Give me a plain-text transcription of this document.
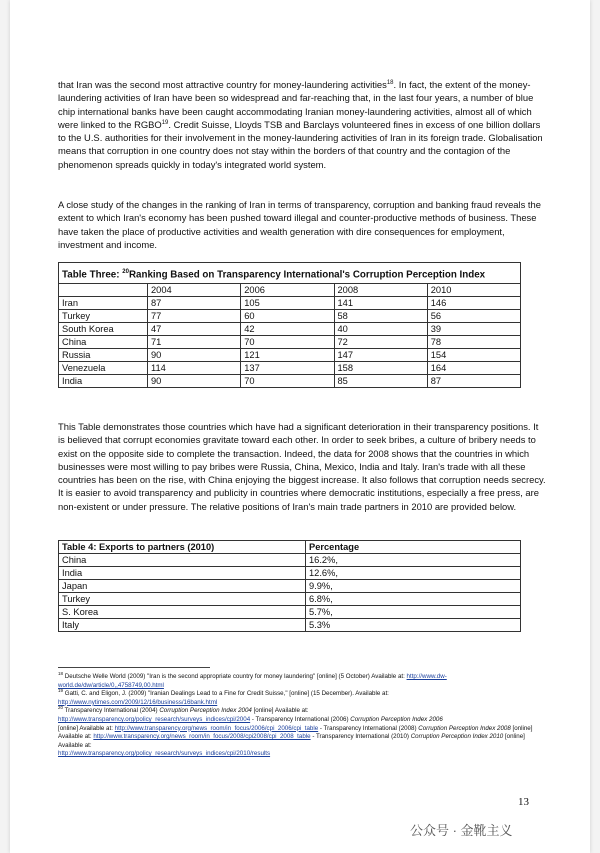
that Iran was the second most attractive country for money-laundering activities$^{18}$. In fact, the extent of the money-laundering activities of Iran have been so widespread and far-reaching that, in the last four years, a number of blue chip international banks have been caught accommodating Iranian money-laundering activities, almost all of which were linked to the RGBO$^{19}$. Credit Suisse, Lloyds TSB and Barclays volunteered fines in excess of one billion dollars to the U.S. authorities for their involvement in the money-laundering activities of Iran in its foreign trade. Globalisation means that corruption in one country does not stay within the borders of that country and the contagion of the phenomenon spreads quickly in today's integrated world system.

A close study of the changes in the ranking of Iran in terms of transparency, corruption and banking fraud reveals the extent to which Iran's economy has been pushed toward illegal and counter-productive methods of business. These have taken the place of productive activities and wealth generation with dire consequences for employment, investment and income.

Table Three: $^{20}$Ranking Based on Transparency International's Corruption Perception Index				
	2004	2006	2008	2010
Iran	87	105	141	146
Turkey	77	60	58	56
South Korea	47	42	40	39
China	71	70	72	78
Russia	90	121	147	154
Venezuela	114	137	158	164
India	90	70	85	87

This Table demonstrates those countries which have had a significant deterioration in their transparency positions. It is believed that corrupt economies gravitate toward each other. In order to seek bribes, a culture of bribery needs to exist on the opposite side to complete the transaction. Indeed, the data for 2008 shows that the countries in which businesses were most willing to pay bribes were Russia, China, Mexico, India and Italy. Iran's trade with all these countries has been on the rise, with China enjoying the biggest increase. It also follows that corruption needs secrecy. It is easier to avoid transparency and publicity in countries where democratic institutions, especially a free press, are non-existent or under pressure. The relative positions of Iran's main trade partners in 2010 are provided below.

Table 4: Exports to partners (2010)	Percentage
China	16.2%,
India	12.6%,
Japan	9.9%,
Turkey	6.8%,
S. Korea	5.7%,
Italy	5.3%

$^{18}$ Deutsche Welle World (2009) "Iran is the second appropriate country for money laundering" [online] (5 October) Available at: http://www.dw-world.de/dw/article/0,,4758749,00.html

$^{19}$ Gatti, C. and Eligon, J. (2009) "Iranian Dealings Lead to a Fine for Credit Suisse," [online] (15 December). Available at: http://www.nytimes.com/2009/12/16/business/16bank.html

$^{20}$ Transparency International (2004) Corruption Perception Index 2004 [online] Available at:
http://www.transparency.org/policy_research/surveys_indices/cpi/2004 - Transparency International (2006) Corruption Perception Index 2006
[online] Available at: http://www.transparency.org/news_room/in_focus/2006/cpi_2006/cpi_table - Transparency International (2008) Corruption Perception Index 2008 [online] Available at: http://www.transparency.org/news_room/in_focus/2008/cpi2008/cpi_2008_table - Transparency International (2010) Corruption Perception Index 2010 [online] Available at:
http://www.transparency.org/policy_research/surveys_indices/cpi/2010/results

13
公众号 · 金靴主义
